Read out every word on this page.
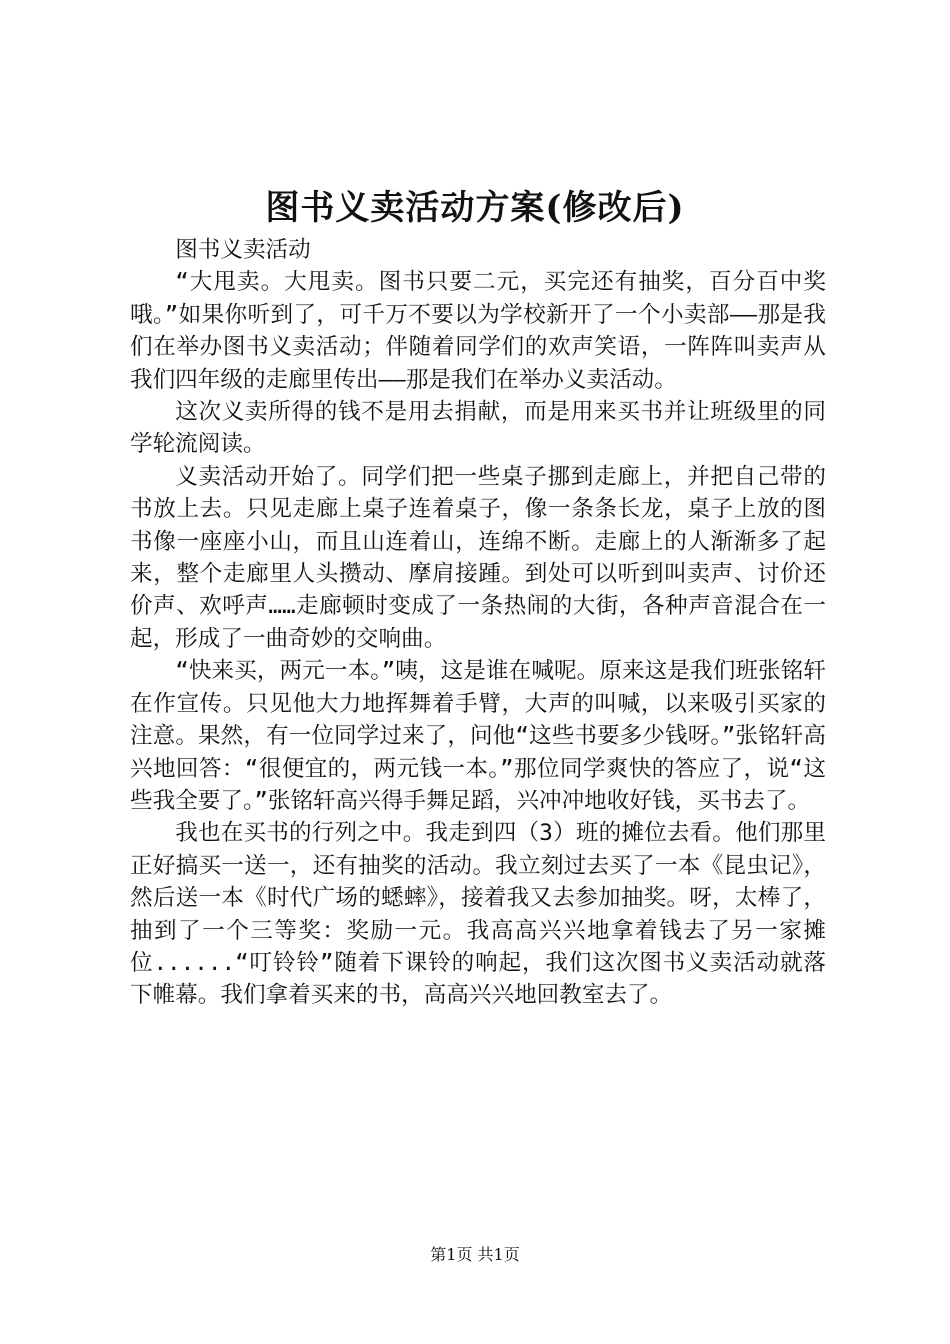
图书义卖活动方案(修改后)

图书义卖活动

“大甩卖。大甩卖。图书只要二元，买完还有抽奖，百分百中奖哦。”如果你听到了，可千万不要以为学校新开了一个小卖部——那是我们在举办图书义卖活动；伴随着同学们的欢声笑语，一阵阵叫卖声从我们四年级的走廊里传出——那是我们在举办义卖活动。

这次义卖所得的钱不是用去捐献，而是用来买书并让班级里的同学轮流阅读。

义卖活动开始了。同学们把一些桌子挪到走廊上，并把自己带的书放上去。只见走廊上桌子连着桌子，像一条条长龙，桌子上放的图书像一座座小山，而且山连着山，连绵不断。走廊上的人渐渐多了起来，整个走廊里人头攒动、摩肩接踵。到处可以听到叫卖声、讨价还价声、欢呼声……走廊顿时变成了一条热闹的大街，各种声音混合在一起，形成了一曲奇妙的交响曲。

“快来买，两元一本。”咦，这是谁在喊呢。原来这是我们班张铭轩在作宣传。只见他大力地挥舞着手臂，大声的叫喊，以来吸引买家的注意。果然，有一位同学过来了，问他“这些书要多少钱呀。”张铭轩高兴地回答：“很便宜的，两元钱一本。”那位同学爽快的答应了，说“这些我全要了。”张铭轩高兴得手舞足蹈，兴冲冲地收好钱，买书去了。

我也在买书的行列之中。我走到四（3）班的摊位去看。他们那里正好搞买一送一，还有抽奖的活动。我立刻过去买了一本《昆虫记》，然后送一本《时代广场的蟋蟀》，接着我又去参加抽奖。呀，太棒了，抽到了一个三等奖：奖励一元。我高高兴兴地拿着钱去了另一家摊位......“叮铃铃”随着下课铃的响起，我们这次图书义卖活动就落下帷幕。我们拿着买来的书，高高兴兴地回教室去了。

第1页 共1页
